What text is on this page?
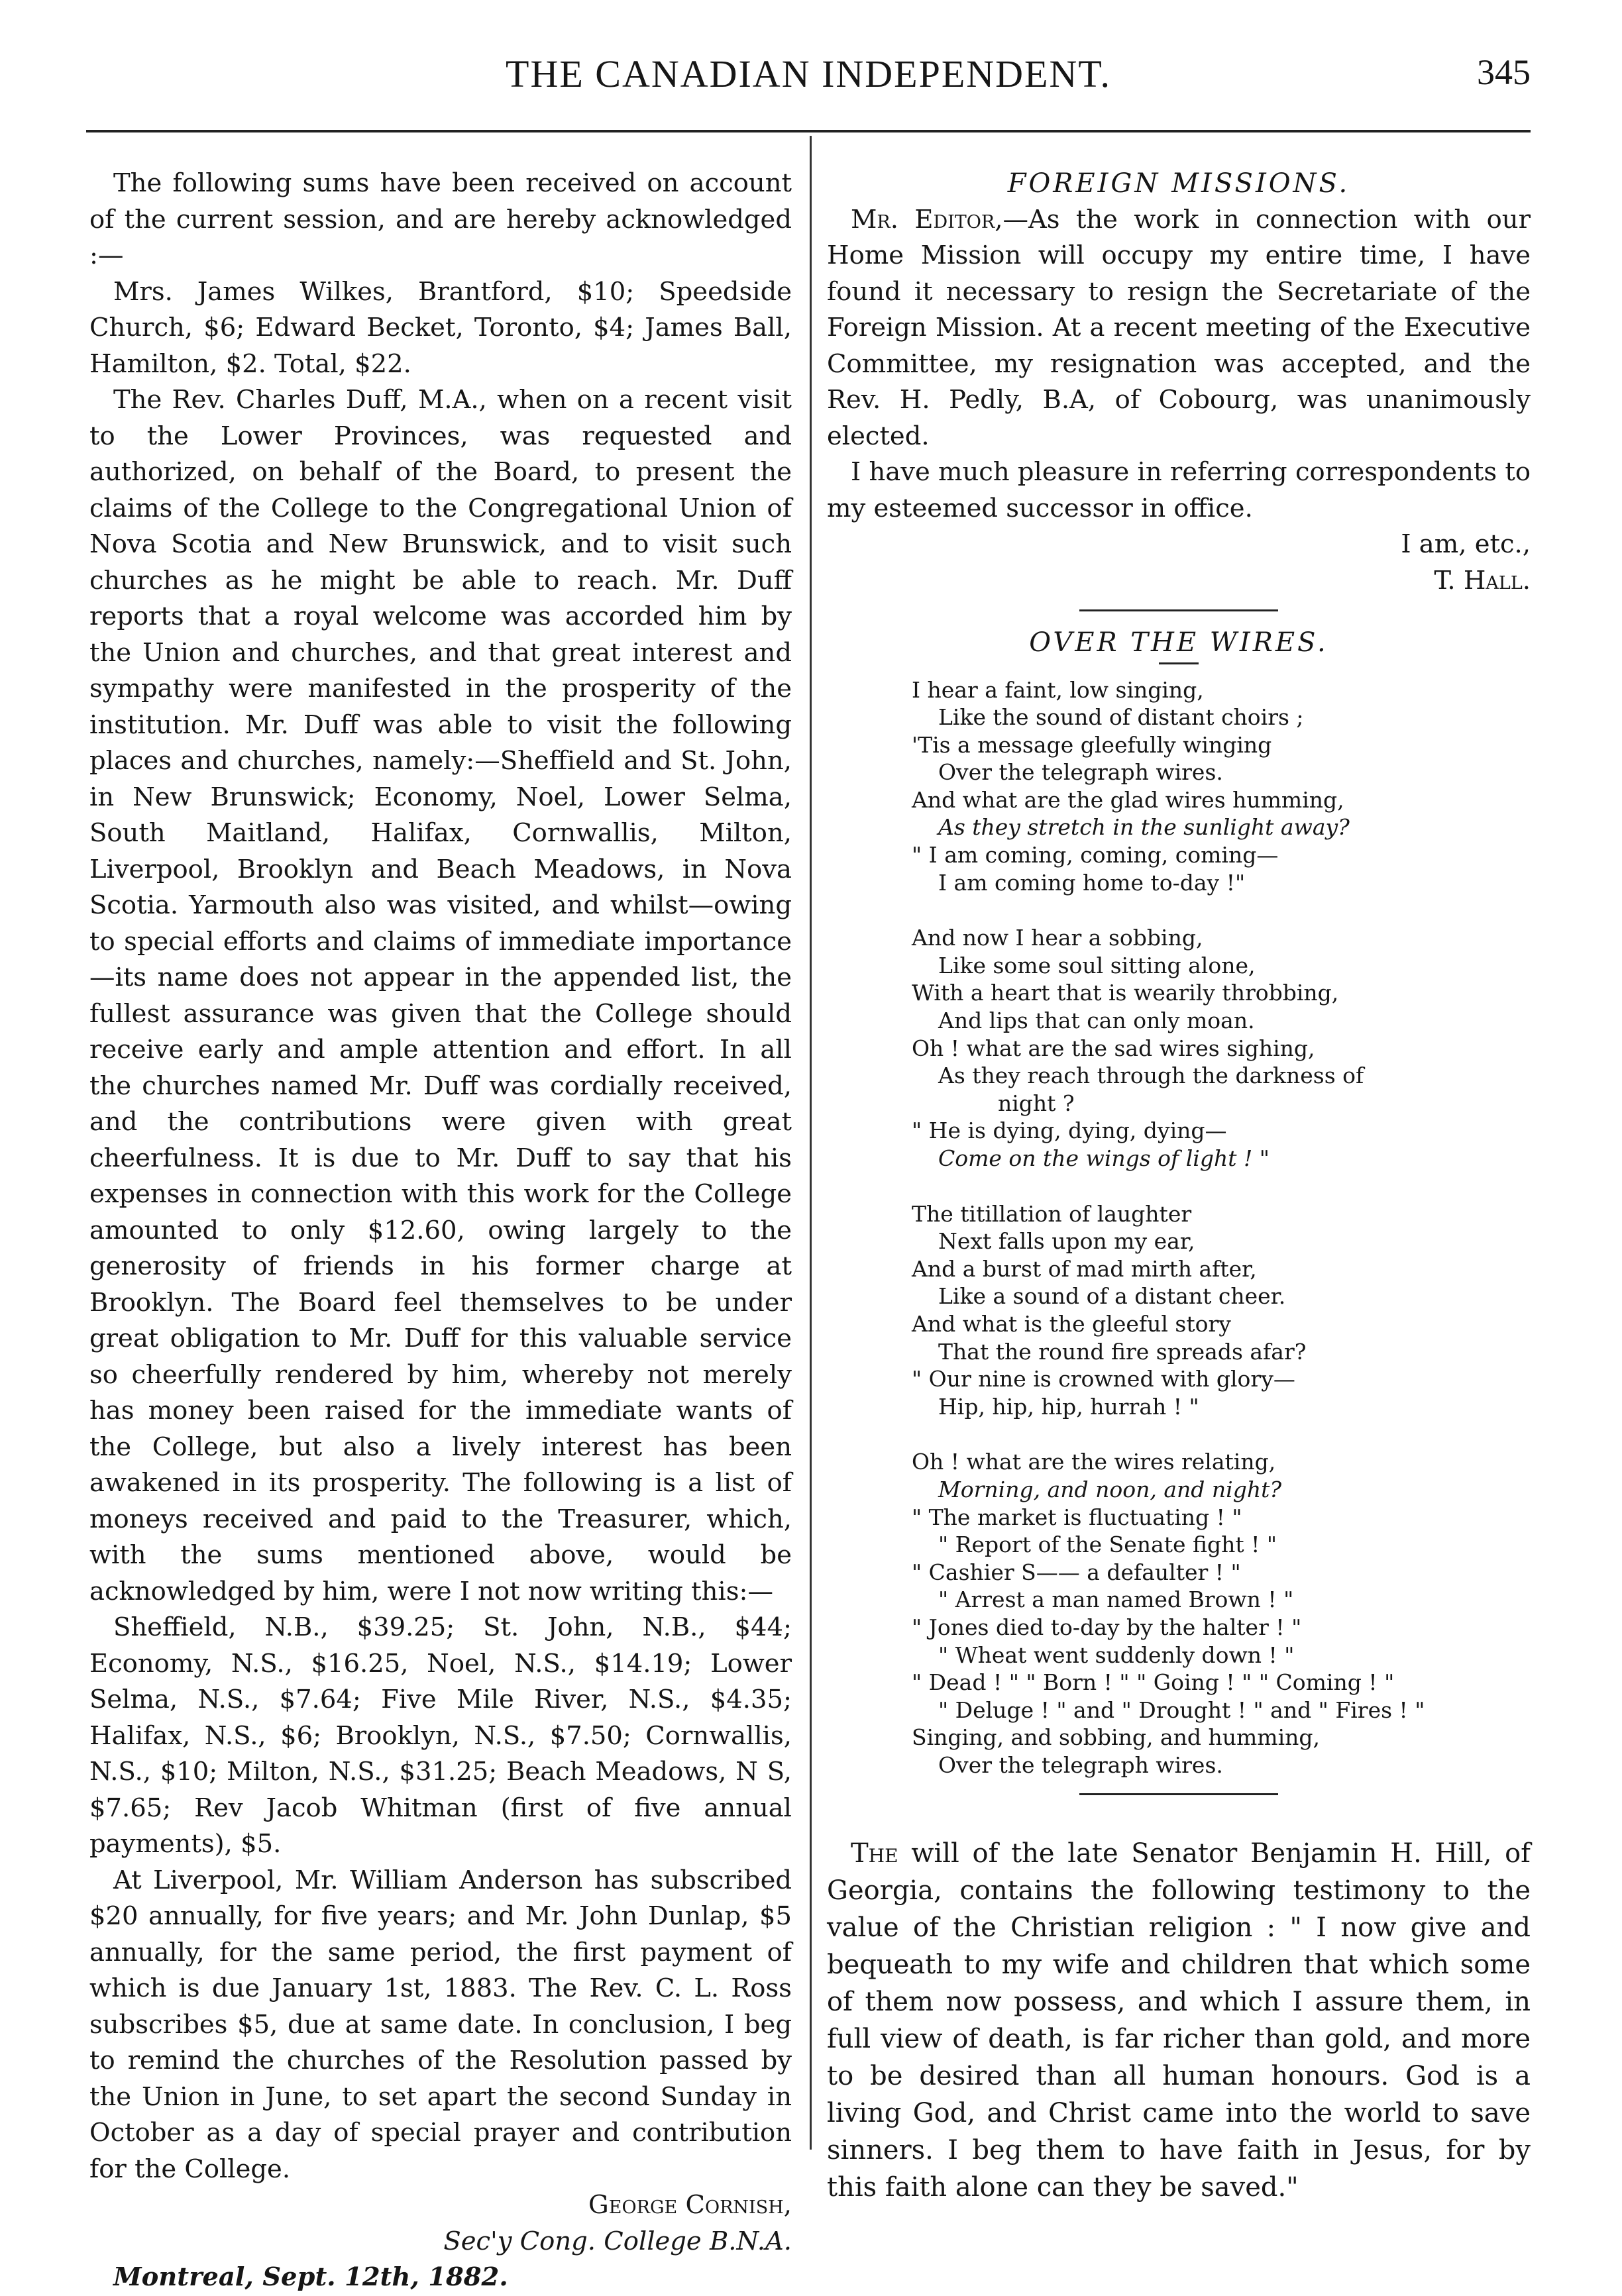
THE CANADIAN INDEPENDENT.	345

The following sums have been received on account of the current session, and are hereby acknowledged :—

Mrs. James Wilkes, Brantford, $10; Speedside Church, $6; Edward Becket, Toronto, $4; James Ball, Hamilton, $2. Total, $22.

The Rev. Charles Duff, M.A., when on a recent visit to the Lower Provinces, was requested and authorized, on behalf of the Board, to present the claims of the College to the Congregational Union of Nova Scotia and New Brunswick, and to visit such churches as he might be able to reach. Mr. Duff reports that a royal welcome was accorded him by the Union and churches, and that great interest and sympathy were manifested in the prosperity of the institution. Mr. Duff was able to visit the following places and churches, namely:—Sheffield and St. John, in New Brunswick; Economy, Noel, Lower Selma, South Maitland, Halifax, Cornwallis, Milton, Liverpool, Brooklyn and Beach Meadows, in Nova Scotia. Yarmouth also was visited, and whilst—owing to special efforts and claims of immediate importance—its name does not appear in the appended list, the fullest assurance was given that the College should receive early and ample attention and effort. In all the churches named Mr. Duff was cordially received, and the contributions were given with great cheerfulness. It is due to Mr. Duff to say that his expenses in connection with this work for the College amounted to only $12.60, owing largely to the generosity of friends in his former charge at Brooklyn. The Board feel themselves to be under great obligation to Mr. Duff for this valuable service so cheerfully rendered by him, whereby not merely has money been raised for the immediate wants of the College, but also a lively interest has been awakened in its prosperity. The following is a list of moneys received and paid to the Treasurer, which, with the sums mentioned above, would be acknowledged by him, were I not now writing this:—

Sheffield, N.B., $39.25; St. John, N.B., $44; Economy, N.S., $16.25, Noel, N.S., $14.19; Lower Selma, N.S., $7.64; Five Mile River, N.S., $4.35; Halifax, N.S., $6; Brooklyn, N.S., $7.50; Cornwallis, N.S., $10; Milton, N.S., $31.25; Beach Meadows, N S, $7.65; Rev Jacob Whitman (first of five annual payments), $5.

At Liverpool, Mr. William Anderson has subscribed $20 annually, for five years; and Mr. John Dunlap, $5 annually, for the same period, the first payment of which is due January 1st, 1883. The Rev. C. L. Ross subscribes $5, due at same date. In conclusion, I beg to remind the churches of the Resolution passed by the Union in June, to set apart the second Sunday in October as a day of special prayer and contribution for the College.

George Cornish,

Sec'y Cong. College B.N.A.

Montreal, Sept. 12th, 1882.

FOREIGN MISSIONS.

Mr. Editor,—As the work in connection with our Home Mission will occupy my entire time, I have found it necessary to resign the Secretariate of the Foreign Mission. At a recent meeting of the Executive Committee, my resignation was accepted, and the Rev. H. Pedly, B.A, of Cobourg, was unanimously elected.

I have much pleasure in referring correspondents to my esteemed successor in office.

I am, etc.,

T. Hall.

OVER THE WIRES.

I hear a faint, low singing,
Like the sound of distant choirs ;
'Tis a message gleefully winging
Over the telegraph wires.
And what are the glad wires humming,
As they stretch in the sunlight away?
" I am coming, coming, coming—
I am coming home to-day !"
And now I hear a sobbing,
Like some soul sitting alone,
With a heart that is wearily throbbing,
And lips that can only moan.
Oh ! what are the sad wires sighing,
As they reach through the darkness of
night ?
" He is dying, dying, dying—
Come on the wings of light ! "
The titillation of laughter
Next falls upon my ear,
And a burst of mad mirth after,
Like a sound of a distant cheer.
And what is the gleeful story
That the round fire spreads afar?
" Our nine is crowned with glory—
Hip, hip, hip, hurrah ! "
Oh ! what are the wires relating,
Morning, and noon, and night?
" The market is fluctuating ! "
" Report of the Senate fight ! "
" Cashier S—— a defaulter ! "
" Arrest a man named Brown ! "
" Jones died to-day by the halter ! "
" Wheat went suddenly down ! "
" Dead ! " " Born ! " " Going ! " " Coming ! "
" Deluge ! " and " Drought ! " and " Fires ! "
Singing, and sobbing, and humming,
Over the telegraph wires.

The will of the late Senator Benjamin H. Hill, of Georgia, contains the following testimony to the value of the Christian religion : " I now give and bequeath to my wife and children that which some of them now possess, and which I assure them, in full view of death, is far richer than gold, and more to be desired than all human honours. God is a living God, and Christ came into the world to save sinners. I beg them to have faith in Jesus, for by this faith alone can they be saved."
